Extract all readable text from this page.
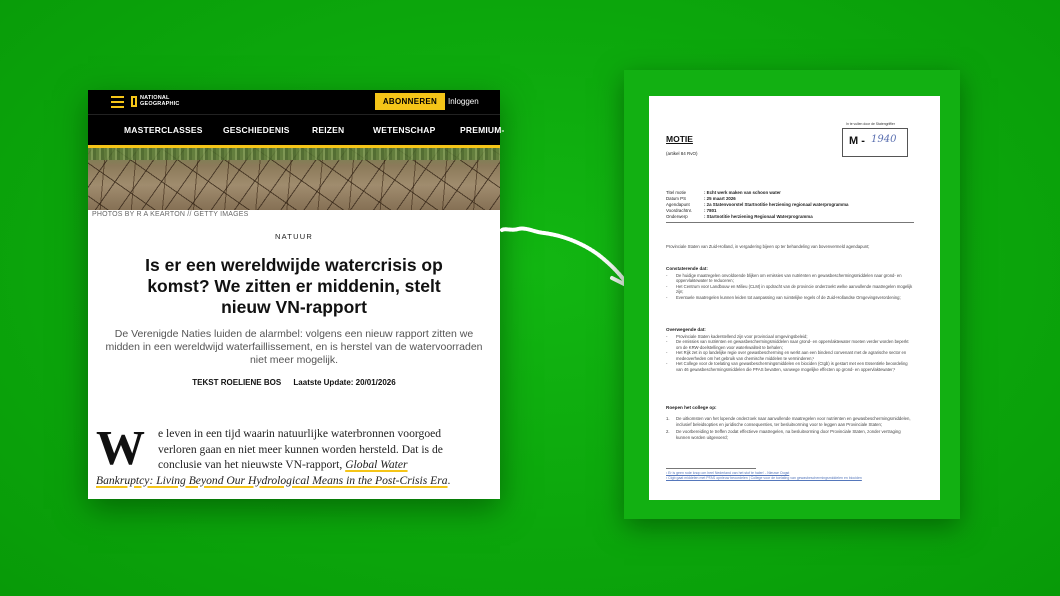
NATIONAL
GEOGRAPHIC	ABONNEREN	Inloggen
MASTERCLASSES GESCHIEDENIS	REIZEN	WETENSCHAP	PREMIUM-
PHOTOS BY R A KEARTON // GETTY IMAGES
NATUUR
Is er een wereldwijde watercrisis op komst? We zitten er middenin, stelt nieuw VN-rapport
De Verenigde Naties luiden de alarmbel: volgens een nieuw rapport zitten we midden in een wereldwijd waterfaillissement, en is herstel van de watervoorraden niet meer mogelijk.
TEKST ROELIENE BOS Laatste Update: 20/01/2026
W	e leven in een tijd waarin natuurlijke waterbronnen voorgoed
verloren gaan en niet meer kunnen worden hersteld. Dat is de
conclusie van het nieuwste VN-rapport, Global Water
Bankruptcy: Living Beyond Our Hydrological Means in the Post-Crisis Era.
In te vullen door de Statengriffier
M - 1940
MOTIE
(artikel 84 RvO)
Titel motie	: Echt werk maken van schoon water
Datum PS	: 25 maart 2026
Agendapunt	: 2a Statenvoorstel Startnotitie herziening regionaal waterprogramma
Voordrachtnr.	: 7801
Onderwerp	: Startnotitie herziening Regionaal Waterprogramma
Provinciale Staten van Zuid-Holland, in vergadering bijeen op ter behandeling van bovenvermeld agendapunt;
Constaterende dat:
-	De huidige maatregelen onvoldoende blijken om emissies van nutriënten en gewasbeschermingsmiddelen naar grond- en oppervlaktewater te reduceren;
-	Het Centrum voor Landbouw en Milieu (CLM) in opdracht van de provincie onderzoekt welke aanvullende maatregelen mogelijk zijn;
-	Eventuele maatregelen kunnen leiden tot aanpassing van ruimtelijke regels of de Zuid-Hollandse Omgevingsverordening;
Overwegende dat:
-	Provinciale Staten kaderstellend zijn voor provinciaal omgevingsbeleid;
-	De emissies van nutriënten en gewasbeschermingsmiddelen naar grond- en oppervlaktewater moeten verder worden beperkt om de KRW-doelstellingen voor waterkwaliteit te behalen;
-	Het Rijk zet in op landelijke regie over gewasbescherming en werkt aan een bindend convenant met de agrarische sector en medeoverheden om het gebruik van chemische middelen te verminderen;¹
-	Het College voor de toelating van gewasbeschermingsmiddelen en biociden (Ctgb) is gestart met een Essentiële beoordeling van 46 gewasbeschermingsmiddelen die PFAS bevatten, vanwege mogelijke effecten op grond- en oppervlaktewater;²
Roepen het college op:
1.	De uitkomsten van het lopende onderzoek naar aanvullende maatregelen voor nutriënten en gewasbeschermingsmiddelen, inclusief beleidsopties en juridische consequenties, ter besluitvorming voor te leggen aan Provinciale Staten;
2.	De voorbereiding te treffen zodat effectieve maatregelen, na besluitvorming door Provinciale Staten, zonder vertraging kunnen worden uitgevoerd;
¹ Er is geen rode knop om heel Nederland van het stof te halen' - Nieuwe Oogst
² Ctgb gaat middelen met PFAS opnieuw beoordelen | College voor de toelating van gewasbeschermingsmiddelen en biociden
